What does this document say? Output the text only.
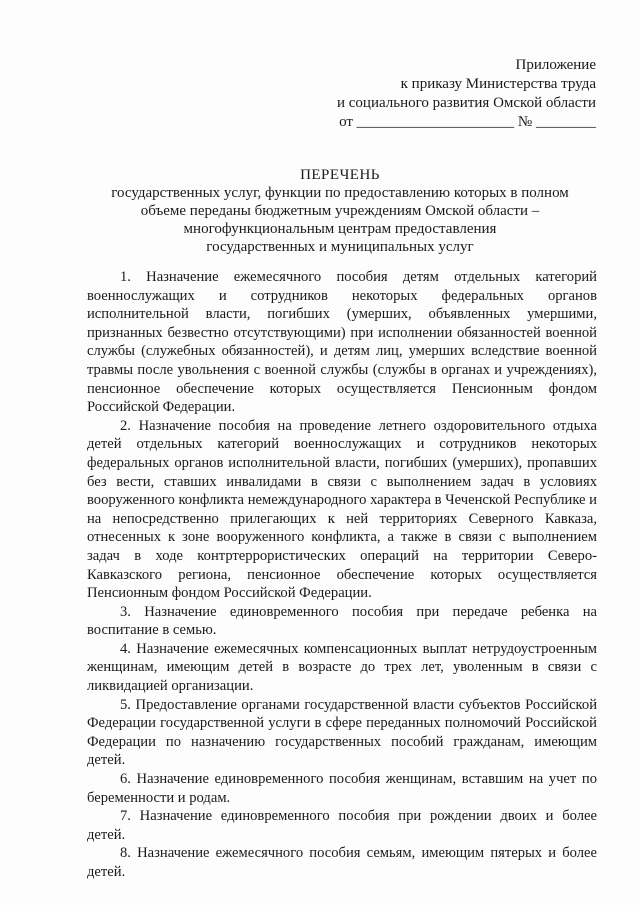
Приложение
к приказу Министерства труда
и социального развития Омской области
от _____________________ № ________
ПЕРЕЧЕНЬ
государственных услуг, функции по предоставлению которых в полном
объеме переданы бюджетным учреждениям Омской области –
многофункциональным центрам предоставления
государственных и муниципальных услуг

1. Назначение ежемесячного пособия детям отдельных категорий военнослужащих и сотрудников некоторых федеральных органов исполнительной власти, погибших (умерших, объявленных умершими, признанных безвестно отсутствующими) при исполнении обязанностей военной службы (служебных обязанностей), и детям лиц, умерших вследствие военной травмы после увольнения с военной службы (службы в органах и учреждениях), пенсионное обеспечение которых осуществляется Пенсионным фондом Российской Федерации.

2. Назначение пособия на проведение летнего оздоровительного отдыха детей отдельных категорий военнослужащих и сотрудников некоторых федеральных органов исполнительной власти, погибших (умерших), пропавших без вести, ставших инвалидами в связи с выполнением задач в условиях вооруженного конфликта немеждународного характера в Чеченской Республике и на непосредственно прилегающих к ней территориях Северного Кавказа, отнесенных к зоне вооруженного конфликта, а также в связи с выполнением задач в ходе контртеррористических операций на территории Северо-Кавказского региона, пенсионное обеспечение которых осуществляется Пенсионным фондом Российской Федерации.

3. Назначение единовременного пособия при передаче ребенка на воспитание в семью.

4. Назначение ежемесячных компенсационных выплат нетрудоустроенным женщинам, имеющим детей в возрасте до трех лет, уволенным в связи с ликвидацией организации.

5. Предоставление органами государственной власти субъектов Российской Федерации государственной услуги в сфере переданных полномочий Российской Федерации по назначению государственных пособий гражданам, имеющим детей.

6. Назначение единовременного пособия женщинам, вставшим на учет по беременности и родам.

7. Назначение единовременного пособия при рождении двоих и более детей.

8. Назначение ежемесячного пособия семьям, имеющим пятерых и более детей.
